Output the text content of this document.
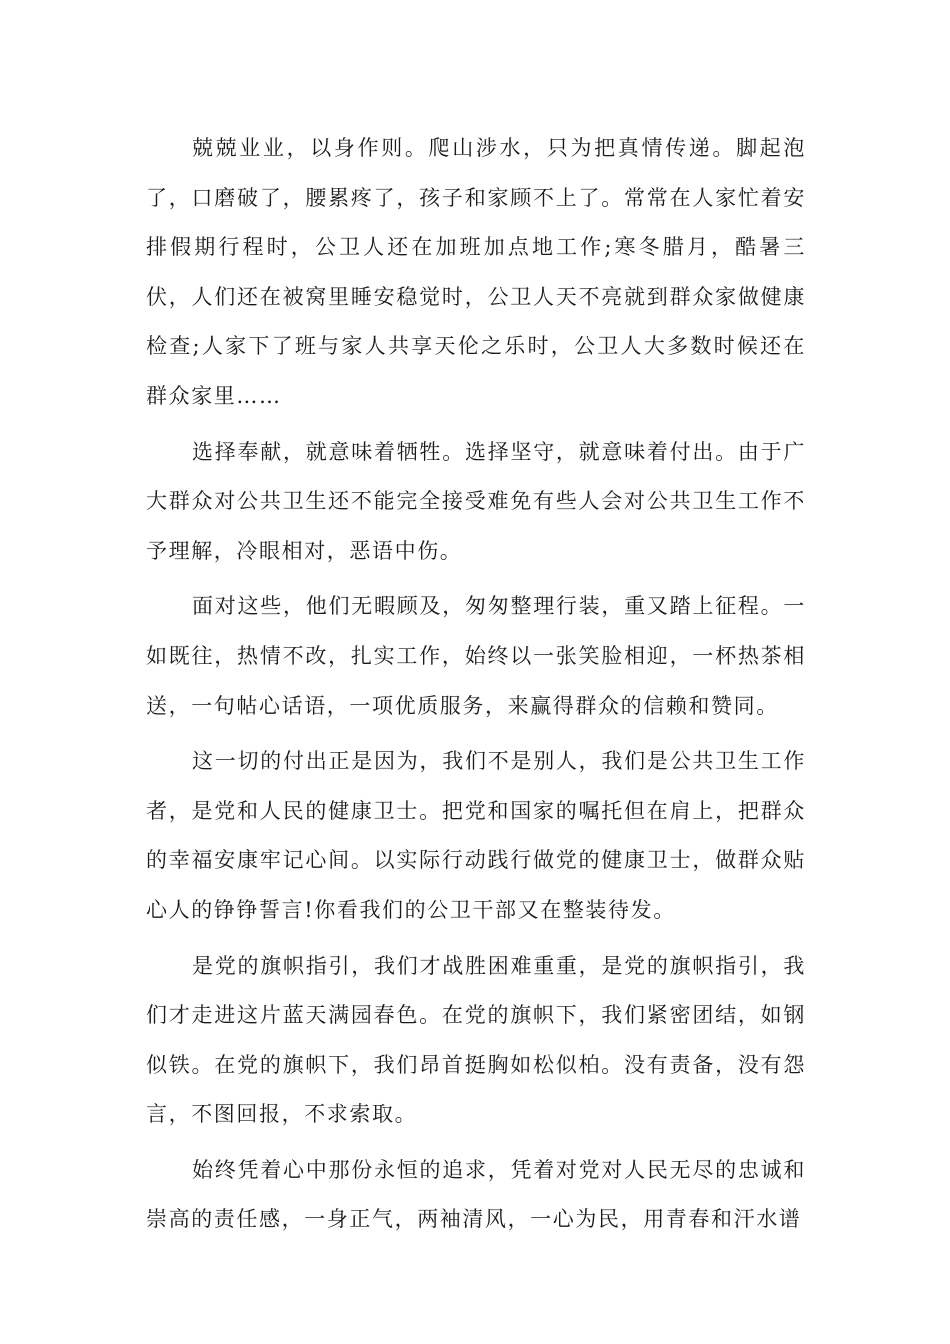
兢兢业业，以身作则。爬山涉水，只为把真情传递。脚起泡了，口磨破了，腰累疼了，孩子和家顾不上了。常常在人家忙着安排假期行程时，公卫人还在加班加点地工作;寒冬腊月，酷暑三伏，人们还在被窝里睡安稳觉时，公卫人天不亮就到群众家做健康检查;人家下了班与家人共享天伦之乐时，公卫人大多数时候还在群众家里……

选择奉献，就意味着牺牲。选择坚守，就意味着付出。由于广大群众对公共卫生还不能完全接受难免有些人会对公共卫生工作不予理解，冷眼相对，恶语中伤。

面对这些，他们无暇顾及，匆匆整理行装，重又踏上征程。一如既往，热情不改，扎实工作，始终以一张笑脸相迎，一杯热茶相送，一句帖心话语，一项优质服务，来赢得群众的信赖和赞同。

这一切的付出正是因为，我们不是别人，我们是公共卫生工作者，是党和人民的健康卫士。把党和国家的嘱托但在肩上，把群众的幸福安康牢记心间。以实际行动践行做党的健康卫士，做群众贴心人的铮铮誓言!你看我们的公卫干部又在整装待发。

是党的旗帜指引，我们才战胜困难重重，是党的旗帜指引，我们才走进这片蓝天满园春色。在党的旗帜下，我们紧密团结，如钢似铁。在党的旗帜下，我们昂首挺胸如松似柏。没有责备，没有怨言，不图回报，不求索取。

始终凭着心中那份永恒的追求，凭着对党对人民无尽的忠诚和崇高的责任感，一身正气，两袖清风，一心为民，用青春和汗水谱
